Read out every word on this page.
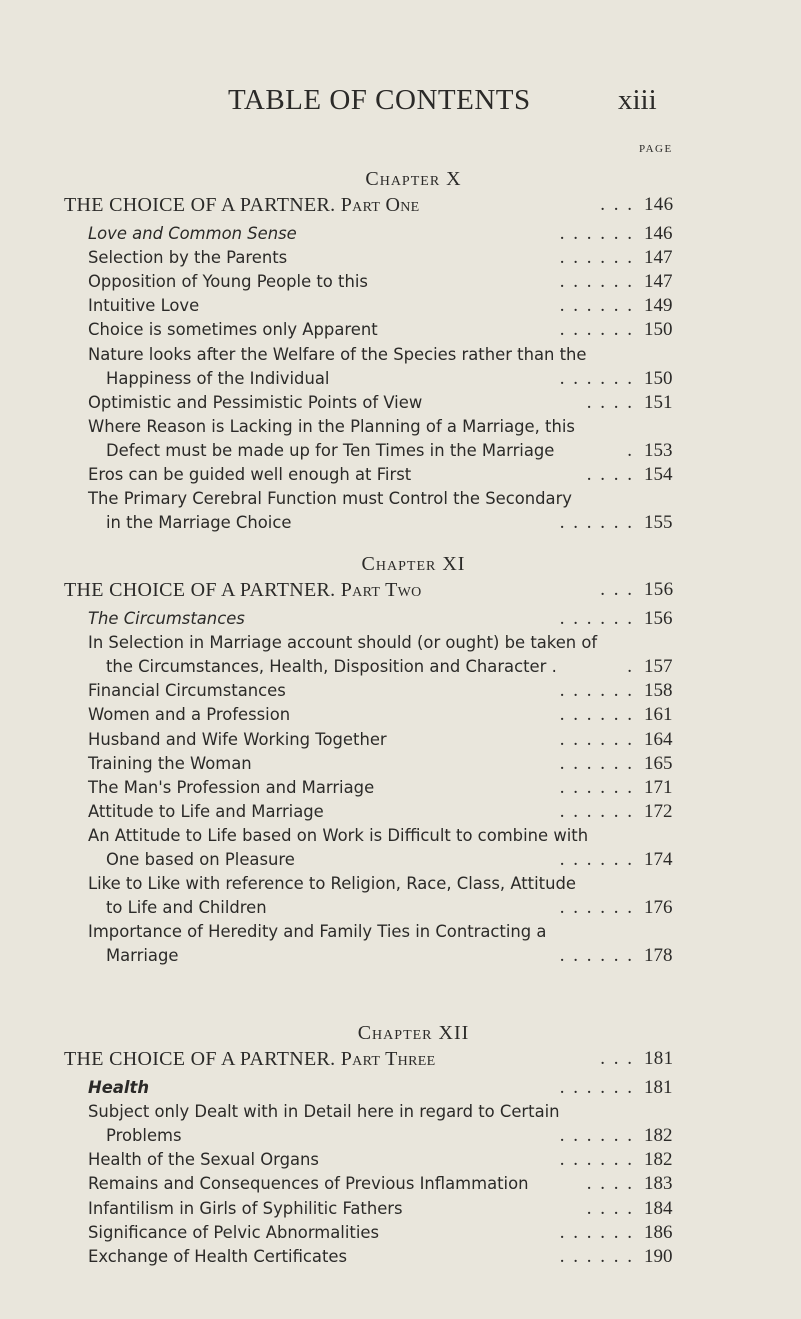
TABLE OF CONTENTS	xiii
PAGE
Chapter X
THE CHOICE OF A PARTNER. Part One	. . . 146
Love and Common Sense	. . . . . . 146
Selection by the Parents	. . . . . . 147
Opposition of Young People to this	. . . . . . 147
Intuitive Love	. . . . . . 149
Choice is sometimes only Apparent	. . . . . . 150
Nature looks after the Welfare of the Species rather than the
Happiness of the Individual	. . . . . . 150
Optimistic and Pessimistic Points of View	. . . . 151
Where Reason is Lacking in the Planning of a Marriage, this
Defect must be made up for Ten Times in the Marriage	. 153
Eros can be guided well enough at First	. . . . 154
The Primary Cerebral Function must Control the Secondary
in the Marriage Choice	. . . . . . 155
Chapter XI
THE CHOICE OF A PARTNER. Part Two	. . . 156
The Circumstances	. . . . . . 156
In Selection in Marriage account should (or ought) be taken of
the Circumstances, Health, Disposition and Character .	. 157
Financial Circumstances	. . . . . . 158
Women and a Profession	. . . . . . 161
Husband and Wife Working Together	. . . . . . 164
Training the Woman	. . . . . . 165
The Man's Profession and Marriage	. . . . . . 171
Attitude to Life and Marriage	. . . . . . 172
An Attitude to Life based on Work is Difficult to combine with
One based on Pleasure	. . . . . . 174
Like to Like with reference to Religion, Race, Class, Attitude
to Life and Children	. . . . . . 176
Importance of Heredity and Family Ties in Contracting a
Marriage	. . . . . . 178
Chapter XII
THE CHOICE OF A PARTNER. Part Three	. . . 181
Health	. . . . . . 181
Subject only Dealt with in Detail here in regard to Certain
Problems	. . . . . . 182
Health of the Sexual Organs	. . . . . . 182
Remains and Consequences of Previous Inflammation	. . . . 183
Infantilism in Girls of Syphilitic Fathers	. . . . 184
Significance of Pelvic Abnormalities	. . . . . . 186
Exchange of Health Certificates	. . . . . . 190
